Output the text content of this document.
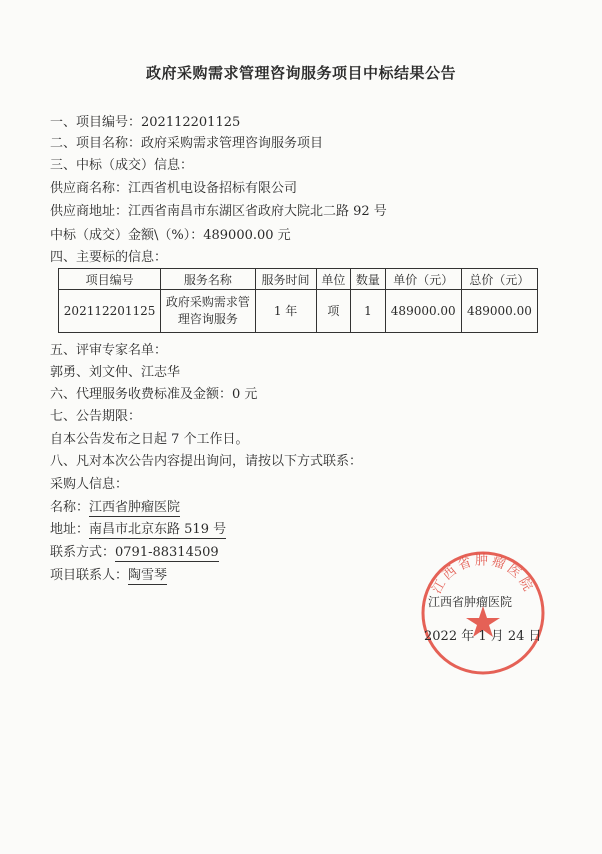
政府采购需求管理咨询服务项目中标结果公告
一、项目编号：202112201125
二、项目名称：政府采购需求管理咨询服务项目
三、中标（成交）信息：
供应商名称：江西省机电设备招标有限公司
供应商地址：江西省南昌市东湖区省政府大院北二路 92 号
中标（成交）金额\（%）：489000.00 元
四、主要标的信息：
项目编号	服务名称	服务时间	单位	数量	单价（元）	总价（元）
202112201125	政府采购需求管理咨询服务	1 年	项	1	489000.00	489000.00
五、评审专家名单：
郭勇、刘文仲、江志华
六、代理服务收费标准及金额：0 元
七、公告期限：
自本公告发布之日起 7 个工作日。
八、凡对本次公告内容提出询问，请按以下方式联系：
采购人信息：
名称：江西省肿瘤医院
地址：南昌市北京东路 519 号
联系方式：0791-88314509
项目联系人：陶雪琴	江西省肿瘤医院
江西省肿瘤医院
2022 年 1 月 24 日
